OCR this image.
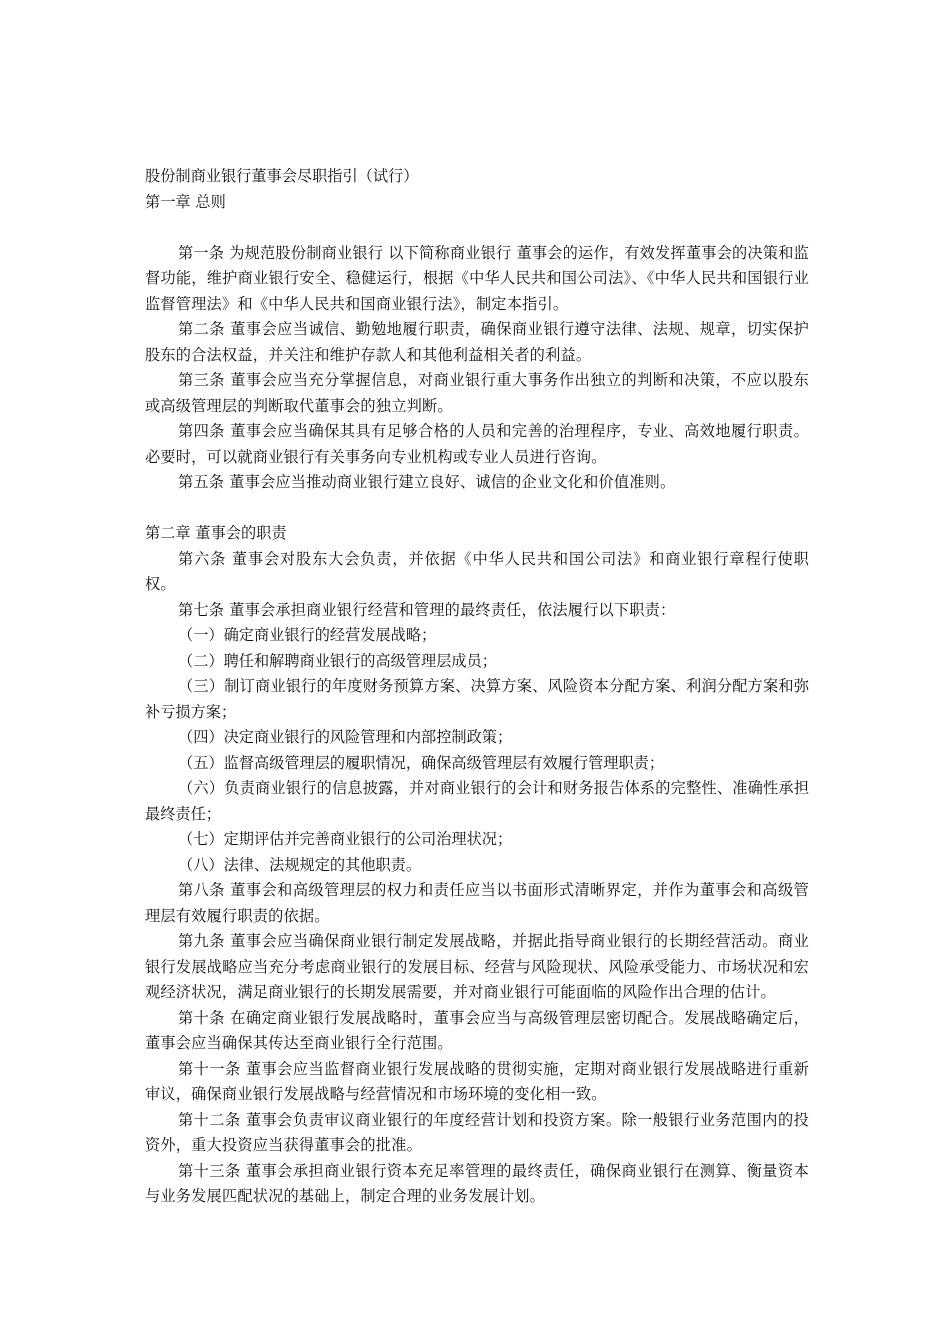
股份制商业银行董事会尽职指引（试行）

第一章 总则

第一条 为规范股份制商业银行 以下简称商业银行 董事会的运作，有效发挥董事会的决策和监督功能，维护商业银行安全、稳健运行，根据《中华人民共和国公司法》、《中华人民共和国银行业监督管理法》和《中华人民共和国商业银行法》，制定本指引。

第二条 董事会应当诚信、勤勉地履行职责，确保商业银行遵守法律、法规、规章，切实保护股东的合法权益，并关注和维护存款人和其他利益相关者的利益。

第三条 董事会应当充分掌握信息，对商业银行重大事务作出独立的判断和决策，不应以股东或高级管理层的判断取代董事会的独立判断。

第四条 董事会应当确保其具有足够合格的人员和完善的治理程序，专业、高效地履行职责。必要时，可以就商业银行有关事务向专业机构或专业人员进行咨询。

第五条 董事会应当推动商业银行建立良好、诚信的企业文化和价值准则。

第二章 董事会的职责

第六条 董事会对股东大会负责，并依据《中华人民共和国公司法》和商业银行章程行使职权。

第七条 董事会承担商业银行经营和管理的最终责任，依法履行以下职责：

（一）确定商业银行的经营发展战略；

（二）聘任和解聘商业银行的高级管理层成员；

（三）制订商业银行的年度财务预算方案、决算方案、风险资本分配方案、利润分配方案和弥补亏损方案；

（四）决定商业银行的风险管理和内部控制政策；

（五）监督高级管理层的履职情况，确保高级管理层有效履行管理职责；

（六）负责商业银行的信息披露，并对商业银行的会计和财务报告体系的完整性、准确性承担最终责任；

（七）定期评估并完善商业银行的公司治理状况；

（八）法律、法规规定的其他职责。

第八条 董事会和高级管理层的权力和责任应当以书面形式清晰界定，并作为董事会和高级管理层有效履行职责的依据。

第九条 董事会应当确保商业银行制定发展战略，并据此指导商业银行的长期经营活动。商业银行发展战略应当充分考虑商业银行的发展目标、经营与风险现状、风险承受能力、市场状况和宏观经济状况，满足商业银行的长期发展需要，并对商业银行可能面临的风险作出合理的估计。

第十条 在确定商业银行发展战略时，董事会应当与高级管理层密切配合。发展战略确定后，董事会应当确保其传达至商业银行全行范围。

第十一条 董事会应当监督商业银行发展战略的贯彻实施，定期对商业银行发展战略进行重新审议，确保商业银行发展战略与经营情况和市场环境的变化相一致。

第十二条 董事会负责审议商业银行的年度经营计划和投资方案。除一般银行业务范围内的投资外，重大投资应当获得董事会的批准。

第十三条 董事会承担商业银行资本充足率管理的最终责任，确保商业银行在测算、衡量资本与业务发展匹配状况的基础上，制定合理的业务发展计划。
